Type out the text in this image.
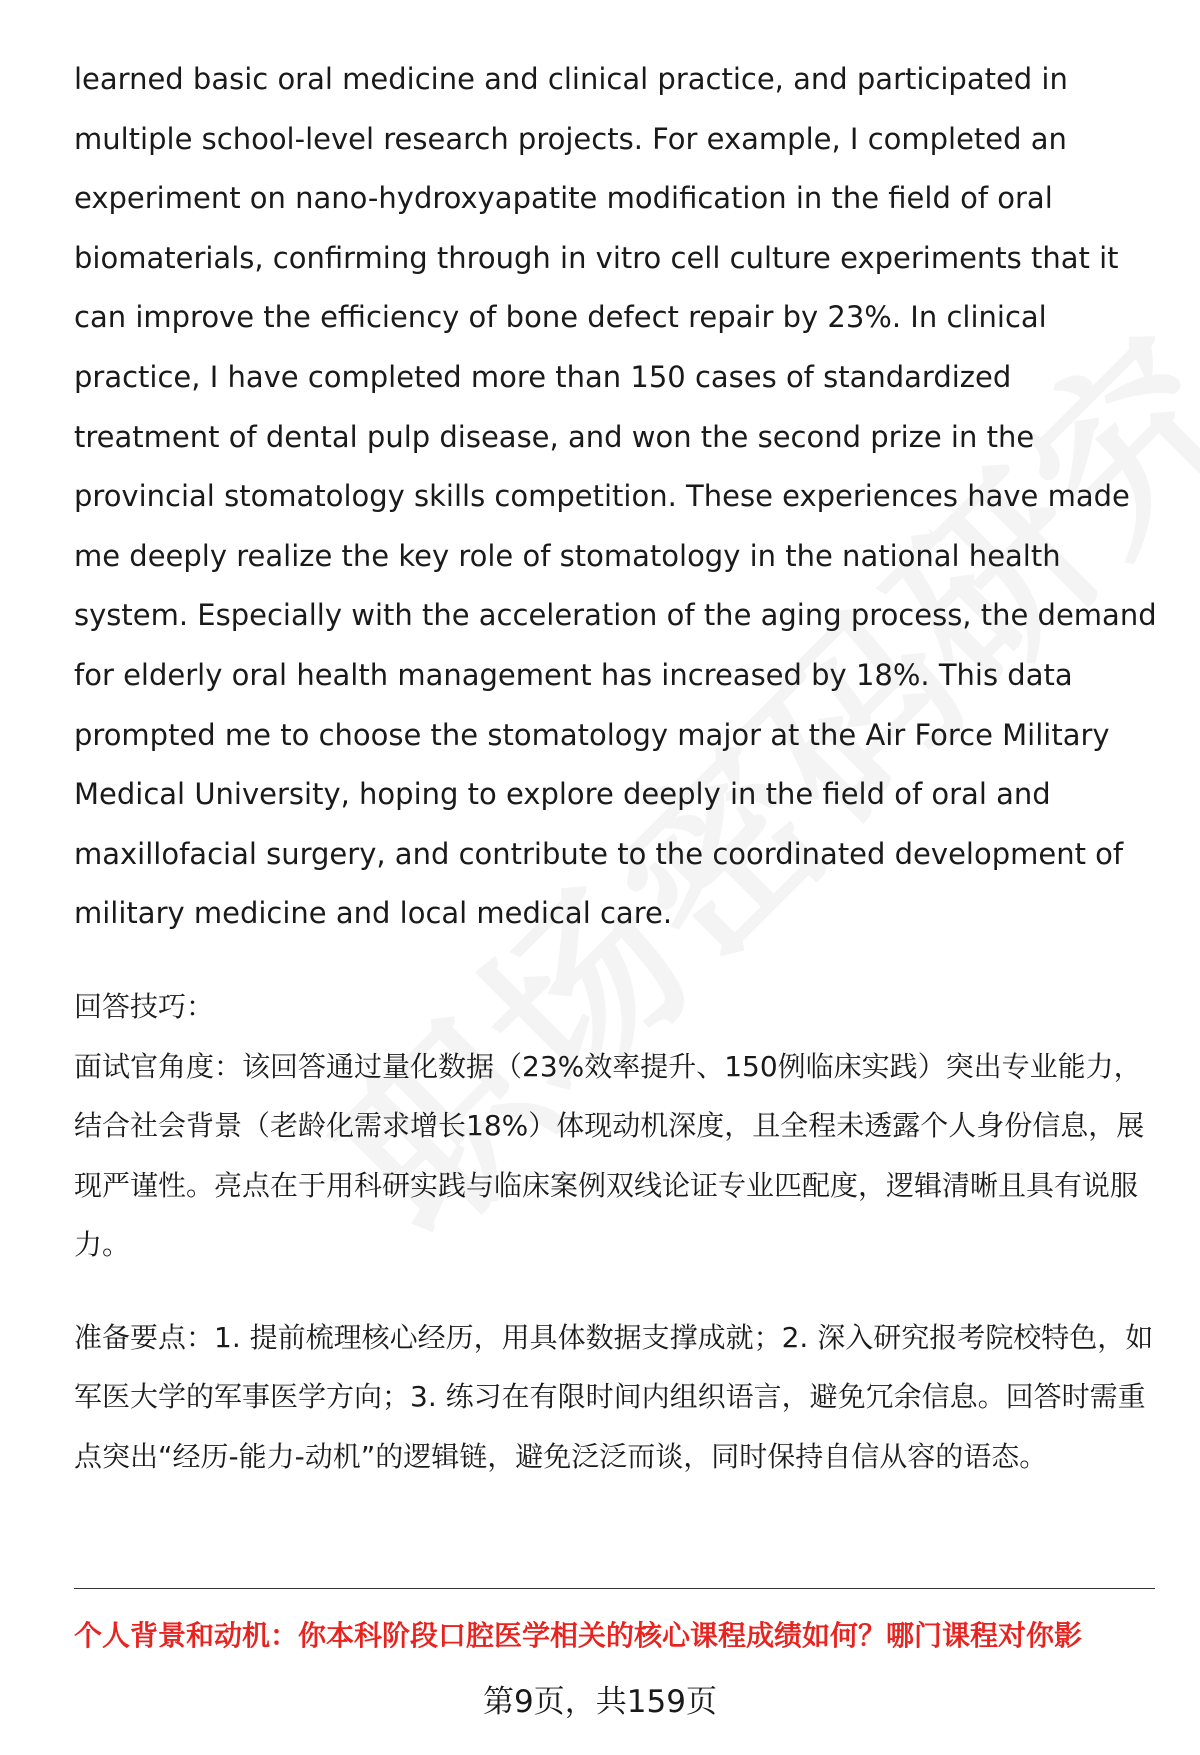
learned basic oral medicine and clinical practice, and participated in multiple school-level research projects. For example, I completed an experiment on nano-hydroxyapatite modification in the field of oral biomaterials, confirming through in vitro cell culture experiments that it can improve the efficiency of bone defect repair by 23%. In clinical practice, I have completed more than 150 cases of standardized treatment of dental pulp disease, and won the second prize in the provincial stomatology skills competition. These experiences have made me deeply realize the key role of stomatology in the national health system. Especially with the acceleration of the aging process, the demand for elderly oral health management has increased by 18%. This data prompted me to choose the stomatology major at the Air Force Military Medical University, hoping to explore deeply in the field of oral and maxillofacial surgery, and contribute to the coordinated development of military medicine and local medical care.

回答技巧：

面试官角度：该回答通过量化数据（23%效率提升、150例临床实践）突出专业能力，结合社会背景（老龄化需求增长18%）体现动机深度，且全程未透露个人身份信息，展现严谨性。亮点在于用科研实践与临床案例双线论证专业匹配度，逻辑清晰且具有说服力。

准备要点：1. 提前梳理核心经历，用具体数据支撑成就；2. 深入研究报考院校特色，如军医大学的军事医学方向；3. 练习在有限时间内组织语言，避免冗余信息。回答时需重点突出“经历-能力-动机”的逻辑链，避免泛泛而谈，同时保持自信从容的语态。

个人背景和动机：你本科阶段口腔医学相关的核心课程成绩如何？哪门课程对你影

第9页，共159页
